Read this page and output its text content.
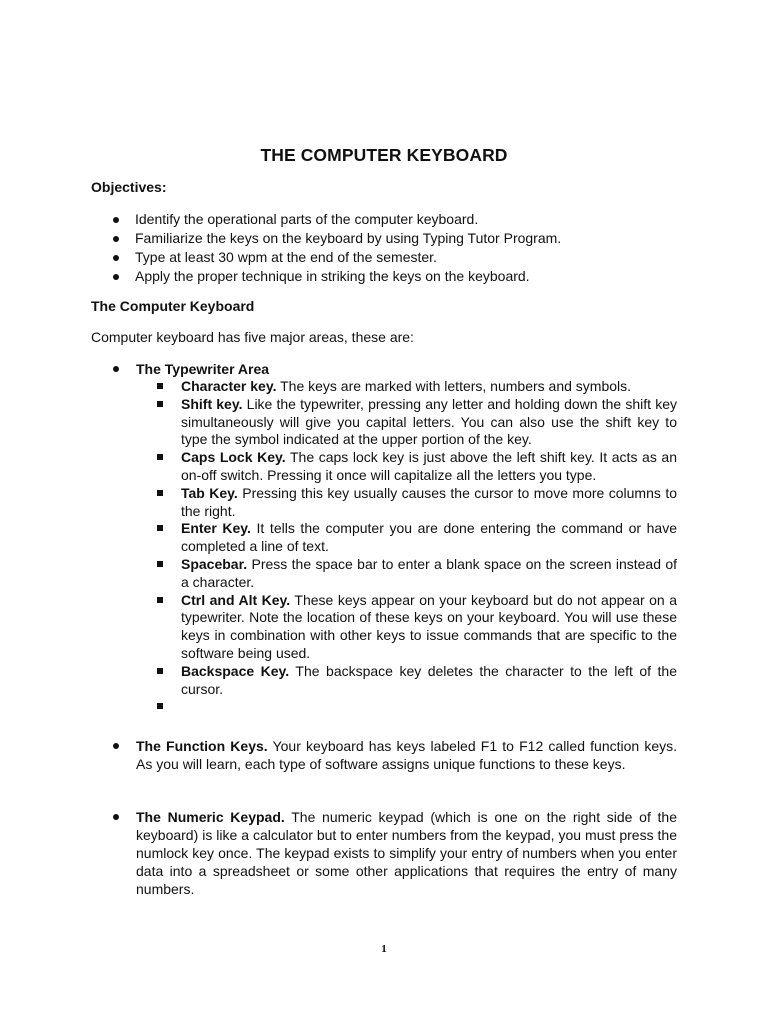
THE COMPUTER KEYBOARD
Objectives:
Identify the operational parts of the computer keyboard.
Familiarize the keys on the keyboard by using Typing Tutor Program.
Type at least 30 wpm at the end of the semester.
Apply the proper technique in striking the keys on the keyboard.
The Computer Keyboard
Computer keyboard has five major areas, these are:
The Typewriter Area
Character key. The keys are marked with letters, numbers and symbols.
Shift key. Like the typewriter, pressing any letter and holding down the shift key simultaneously will give you capital letters. You can also use the shift key to type the symbol indicated at the upper portion of the key.
Caps Lock Key. The caps lock key is just above the left shift key. It acts as an on-off switch. Pressing it once will capitalize all the letters you type.
Tab Key. Pressing this key usually causes the cursor to move more columns to the right.
Enter Key. It tells the computer you are done entering the command or have completed a line of text.
Spacebar. Press the space bar to enter a blank space on the screen instead of a character.
Ctrl and Alt Key. These keys appear on your keyboard but do not appear on a typewriter. Note the location of these keys on your keyboard. You will use these keys in combination with other keys to issue commands that are specific to the software being used.
Backspace Key. The backspace key deletes the character to the left of the cursor.
The Function Keys. Your keyboard has keys labeled F1 to F12 called function keys. As you will learn, each type of software assigns unique functions to these keys.
The Numeric Keypad. The numeric keypad (which is one on the right side of the keyboard) is like a calculator but to enter numbers from the keypad, you must press the numlock key once. The keypad exists to simplify your entry of numbers when you enter data into a spreadsheet or some other applications that requires the entry of many numbers.
1
